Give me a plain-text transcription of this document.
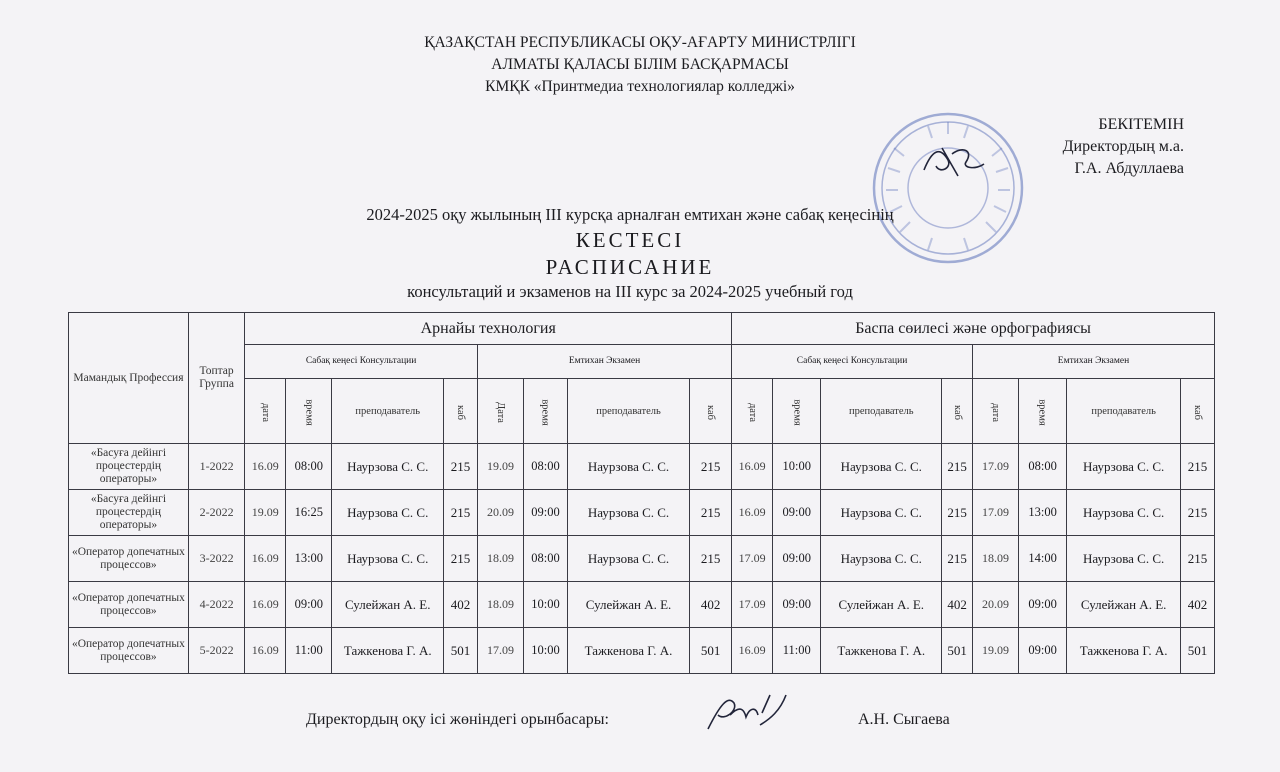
ҚАЗАҚСТАН РЕСПУБЛИКАСЫ ОҚУ-АҒАРТУ МИНИСТРЛІГІ
АЛМАТЫ ҚАЛАСЫ БІЛІМ БАСҚАРМАСЫ
КМҚК «Принтмедиа технологиялар колледжі»
БЕКІТЕМІН
Директордың м.а.
Г.А. Абдуллаева
2024-2025 оқу жылының III курсқа арналған емтихан және сабақ кеңесінің
КЕСТЕСІ
РАСПИСАНИЕ
консультаций и экзаменов на III курс за 2024-2025 учебный год
Мамандық Профессия	Топтар Группа	Арнайы технология								Баспа сөилесі және орфографиясы							
		Сабақ кеңесі Консультации				Емтихан Экзамен				Сабақ кеңесі Консультации				Емтихан Экзамен			
		дата	время	преподаватель	каб	Дата	время	преподаватель	каб	дата	время	преподаватель	каб	дата	время	преподаватель	каб
«Басуға дейінгі процестердің операторы»	1-2022	16.09	08:00	Наурзова С. С.	215	19.09	08:00	Наурзова С. С.	215	16.09	10:00	Наурзова С. С.	215	17.09	08:00	Наурзова С. С.	215
«Басуға дейінгі процестердің операторы»	2-2022	19.09	16:25	Наурзова С. С.	215	20.09	09:00	Наурзова С. С.	215	16.09	09:00	Наурзова С. С.	215	17.09	13:00	Наурзова С. С.	215
«Оператор допечатных процессов»	3-2022	16.09	13:00	Наурзова С. С.	215	18.09	08:00	Наурзова С. С.	215	17.09	09:00	Наурзова С. С.	215	18.09	14:00	Наурзова С. С.	215
«Оператор допечатных процессов»	4-2022	16.09	09:00	Сулейжан А. Е.	402	18.09	10:00	Сулейжан А. Е.	402	17.09	09:00	Сулейжан А. Е.	402	20.09	09:00	Сулейжан А. Е.	402
«Оператор допечатных процессов»	5-2022	16.09	11:00	Тажкенова Г. А.	501	17.09	10:00	Тажкенова Г. А.	501	16.09	11:00	Тажкенова Г. А.	501	19.09	09:00	Тажкенова Г. А.	501
Директордың оқу ісі жөніндегі орынбасары:	А.Н. Сыгаева
